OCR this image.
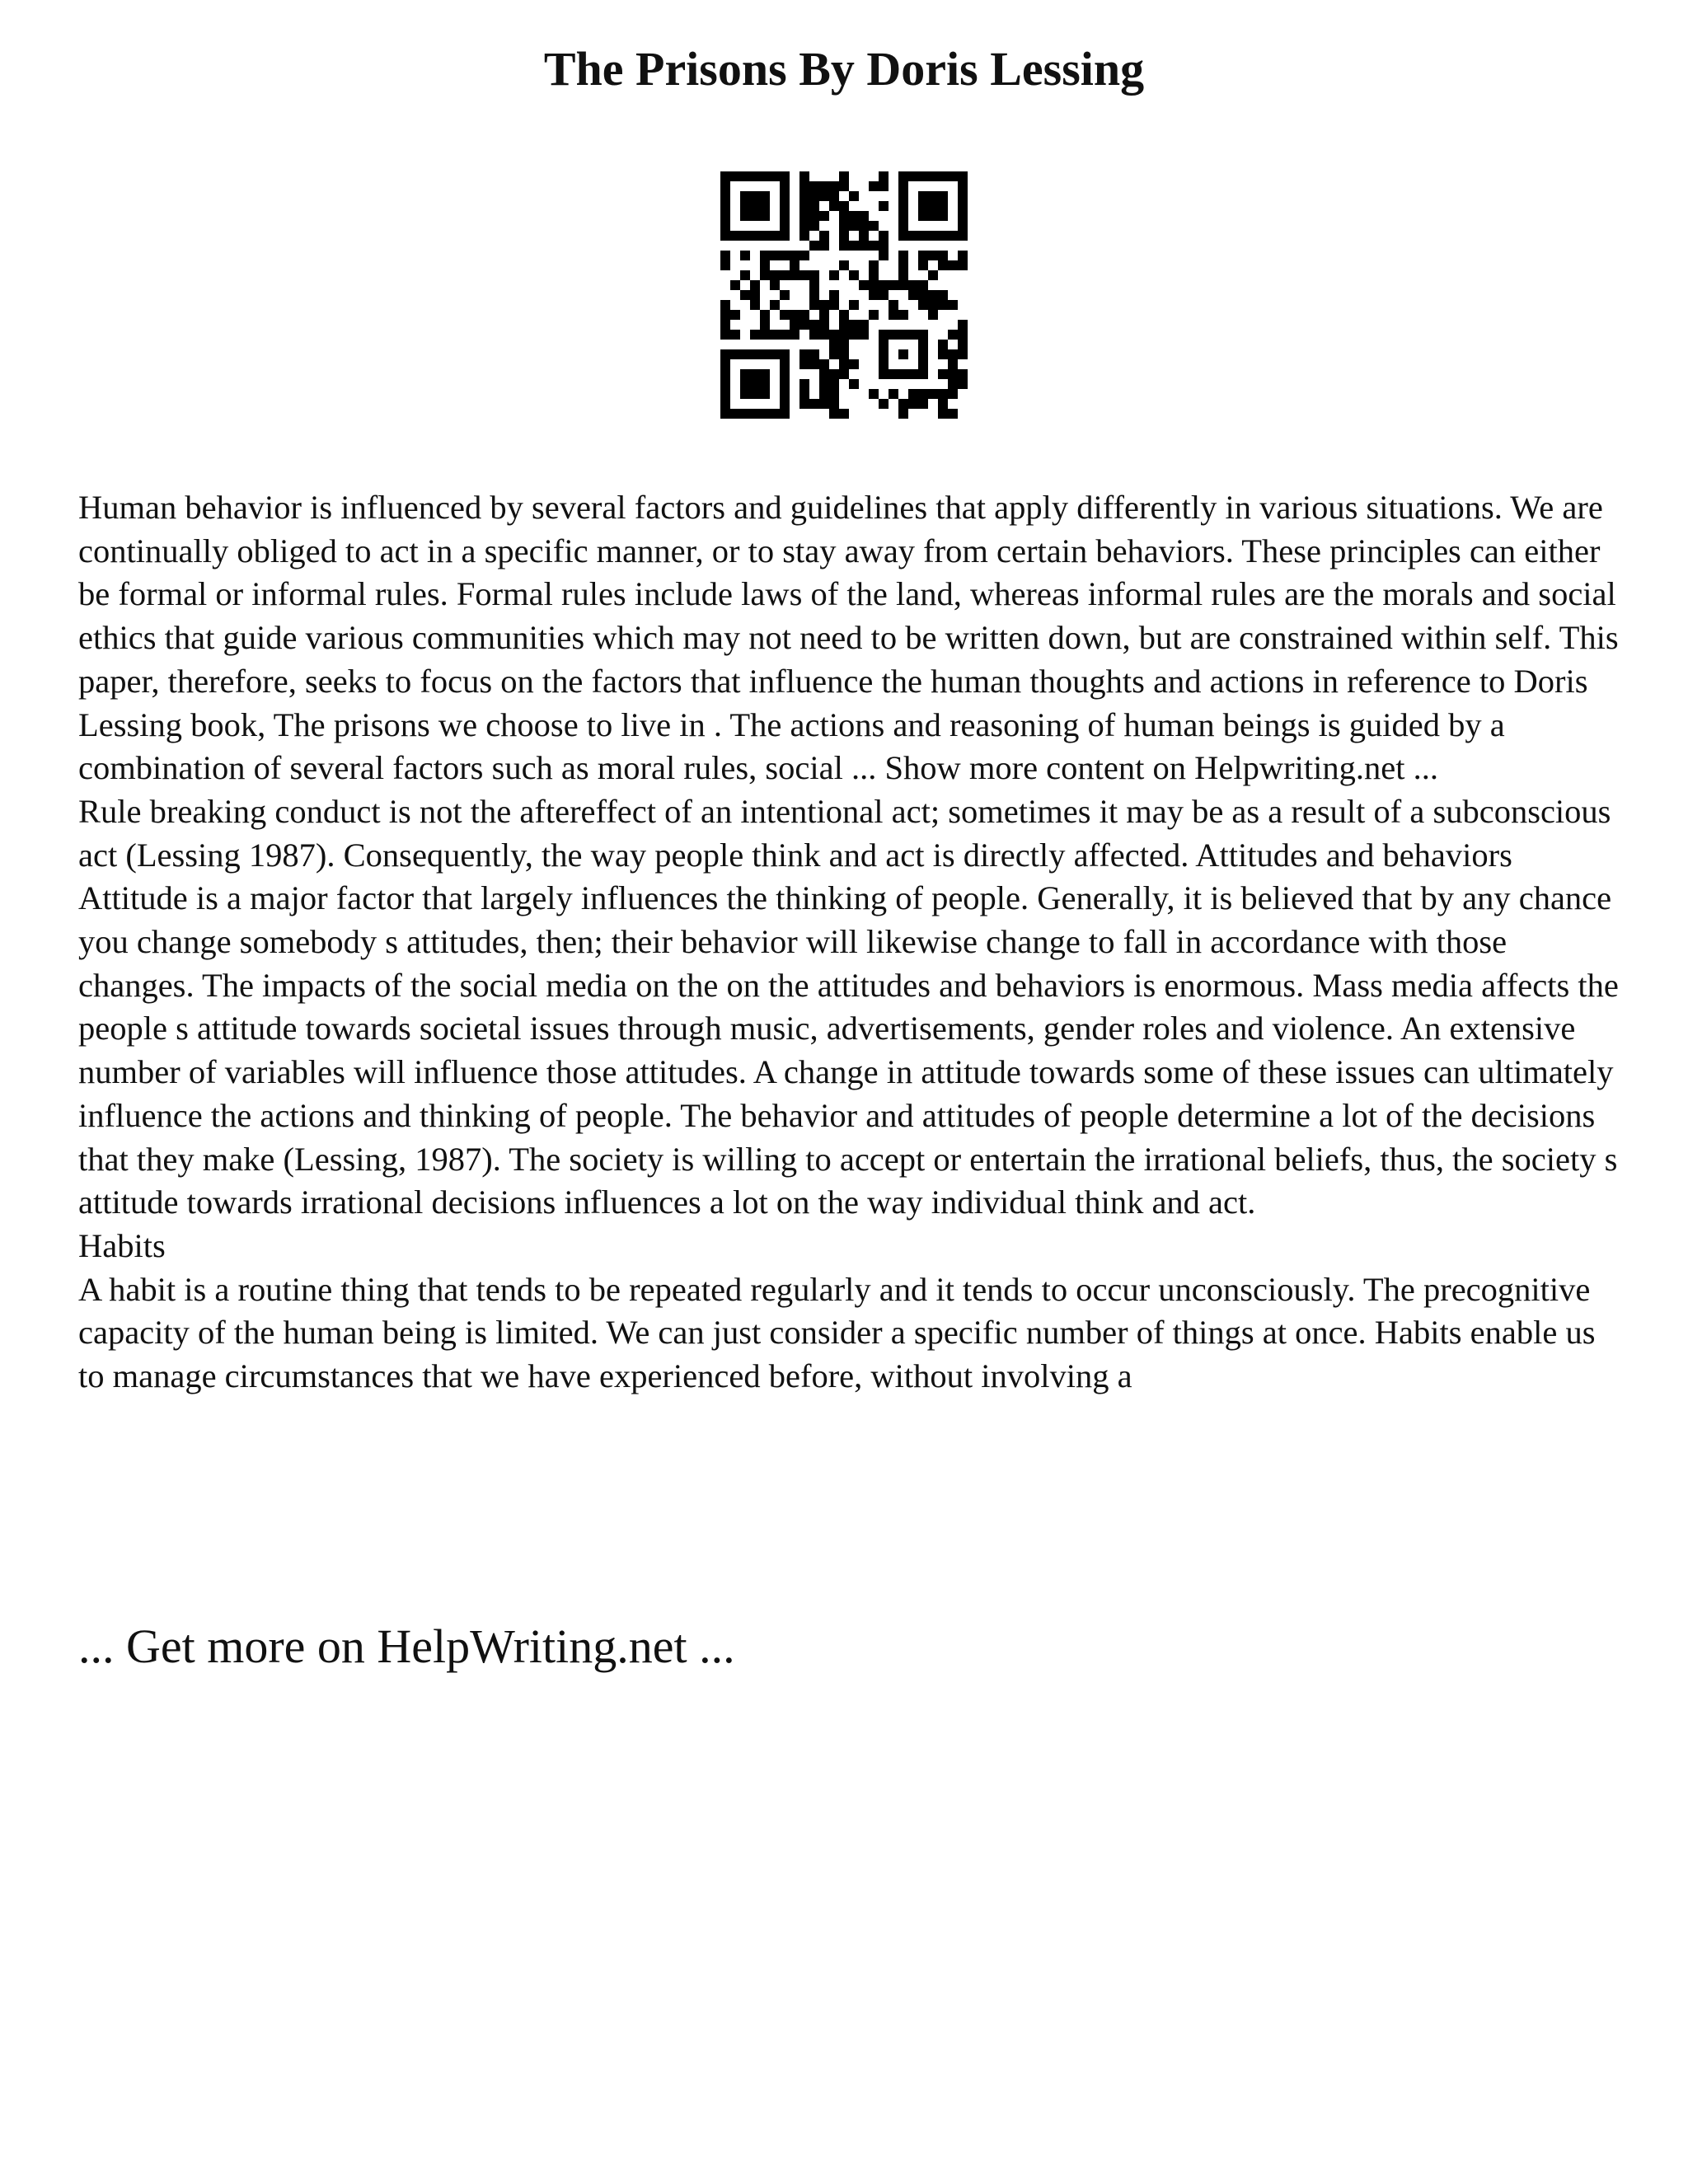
The Prisons By Doris Lessing

Human behavior is influenced by several factors and guidelines that apply differently in various situations. We are continually obliged to act in a specific manner, or to stay away from certain behaviors. These principles can either be formal or informal rules. Formal rules include laws of the land, whereas informal rules are the morals and social ethics that guide various communities which may not need to be written down, but are constrained within self. This paper, therefore, seeks to focus on the factors that influence the human thoughts and actions in reference to Doris Lessing book, The prisons we choose to live in . The actions and reasoning of human beings is guided by a combination of several factors such as moral rules, social ... Show more content on Helpwriting.net ...

Rule breaking conduct is not the aftereffect of an intentional act; sometimes it may be as a result of a subconscious act (Lessing 1987). Consequently, the way people think and act is directly affected. Attitudes and behaviors Attitude is a major factor that largely influences the thinking of people. Generally, it is believed that by any chance you change somebody s attitudes, then; their behavior will likewise change to fall in accordance with those changes. The impacts of the social media on the on the attitudes and behaviors is enormous. Mass media affects the people s attitude towards societal issues through music, advertisements, gender roles and violence. An extensive number of variables will influence those attitudes. A change in attitude towards some of these issues can ultimately influence the actions and thinking of people. The behavior and attitudes of people determine a lot of the decisions that they make (Lessing, 1987). The society is willing to accept or entertain the irrational beliefs, thus, the society s attitude towards irrational decisions influences a lot on the way individual think and act.

Habits

A habit is a routine thing that tends to be repeated regularly and it tends to occur unconsciously. The precognitive capacity of the human being is limited. We can just consider a specific number of things at once. Habits enable us to manage circumstances that we have experienced before, without involving a

... Get more on HelpWriting.net ...
